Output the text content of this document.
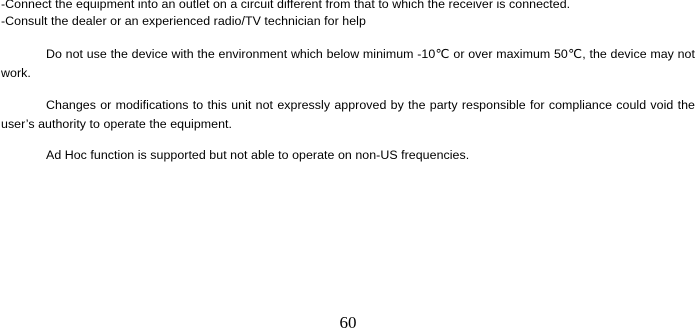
-Connect the equipment into an outlet on a circuit different from that to which the receiver is connected.
-Consult the dealer or an experienced radio/TV technician for help

Do not use the device with the environment which below minimum -10℃ or over maximum 50℃, the device may not work.

Changes or modifications to this unit not expressly approved by the party responsible for compliance could void the user’s authority to operate the equipment.

Ad Hoc function is supported but not able to operate on non-US frequencies.

60
